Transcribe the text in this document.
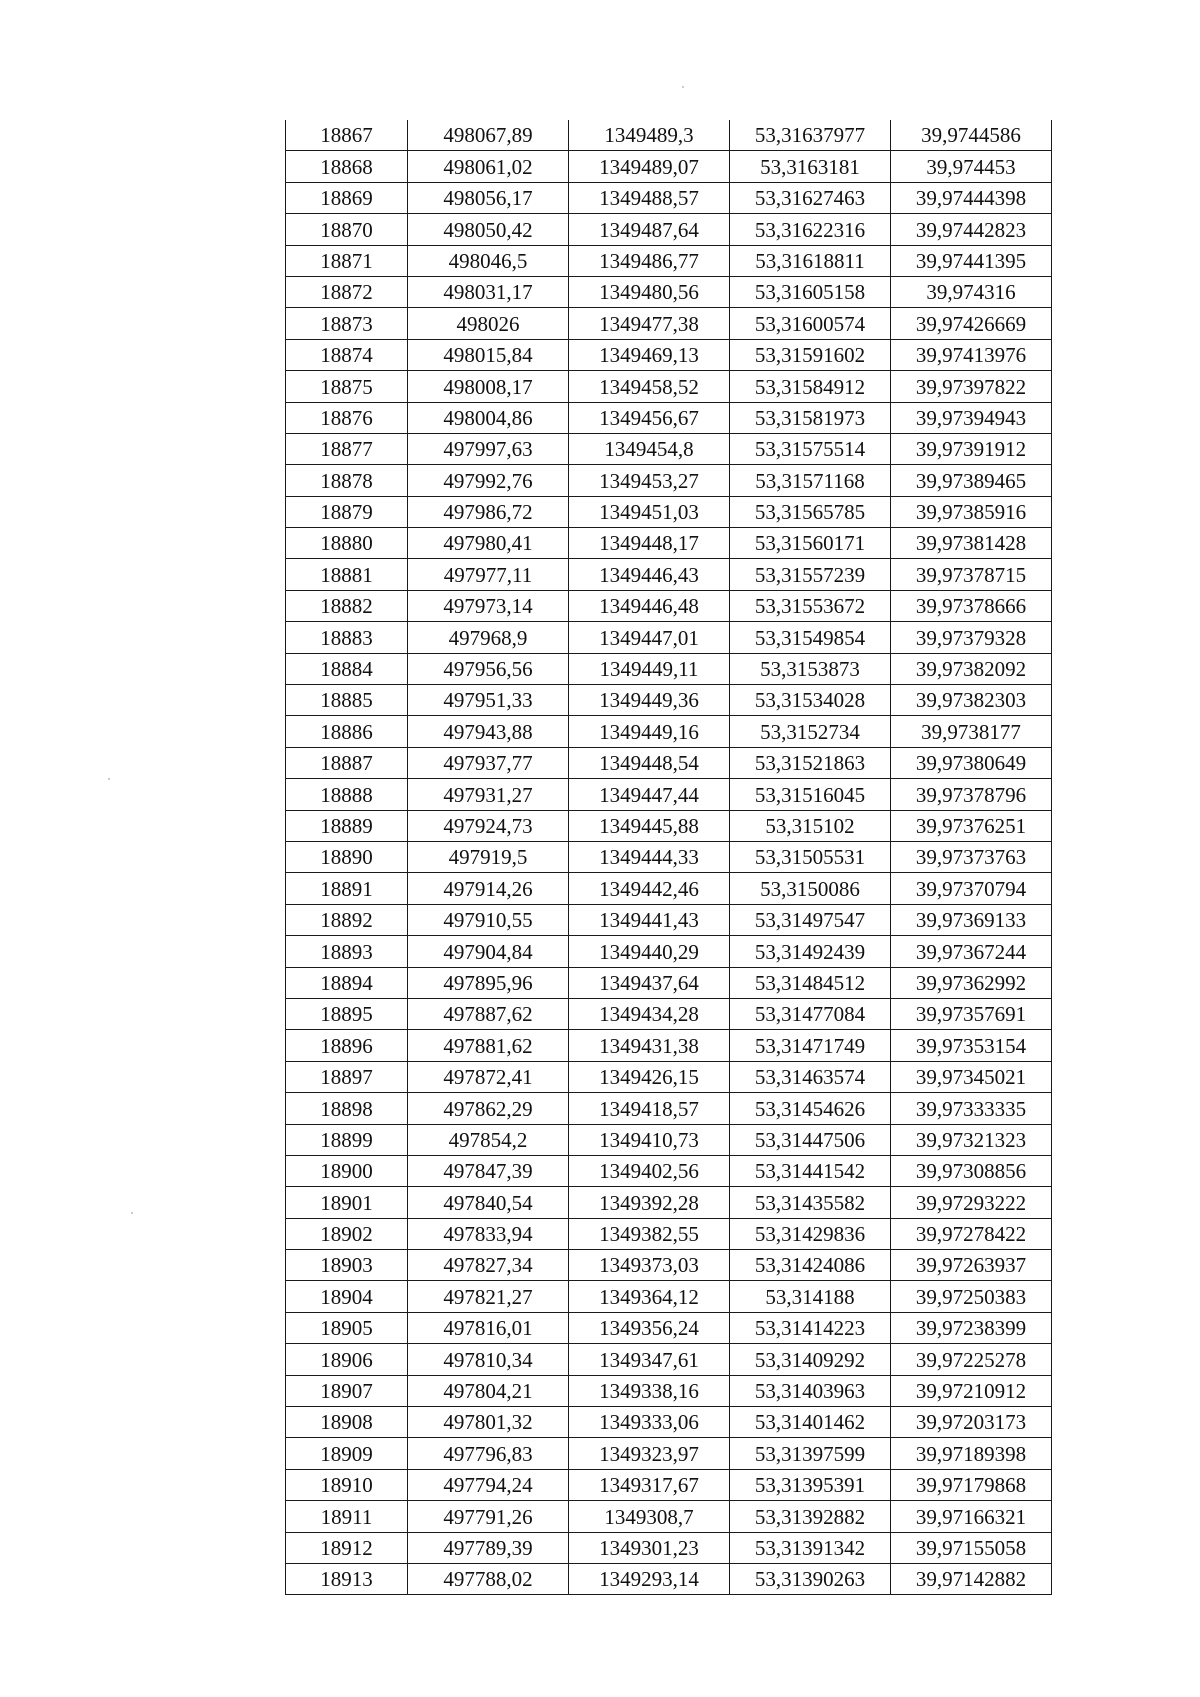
18867	498067,89	1349489,3	53,31637977	39,9744586
18868	498061,02	1349489,07	53,3163181	39,974453
18869	498056,17	1349488,57	53,31627463	39,97444398
18870	498050,42	1349487,64	53,31622316	39,97442823
18871	498046,5	1349486,77	53,31618811	39,97441395
18872	498031,17	1349480,56	53,31605158	39,974316
18873	498026	1349477,38	53,31600574	39,97426669
18874	498015,84	1349469,13	53,31591602	39,97413976
18875	498008,17	1349458,52	53,31584912	39,97397822
18876	498004,86	1349456,67	53,31581973	39,97394943
18877	497997,63	1349454,8	53,31575514	39,97391912
18878	497992,76	1349453,27	53,31571168	39,97389465
18879	497986,72	1349451,03	53,31565785	39,97385916
18880	497980,41	1349448,17	53,31560171	39,97381428
18881	497977,11	1349446,43	53,31557239	39,97378715
18882	497973,14	1349446,48	53,31553672	39,97378666
18883	497968,9	1349447,01	53,31549854	39,97379328
18884	497956,56	1349449,11	53,3153873	39,97382092
18885	497951,33	1349449,36	53,31534028	39,97382303
18886	497943,88	1349449,16	53,3152734	39,9738177
18887	497937,77	1349448,54	53,31521863	39,97380649
18888	497931,27	1349447,44	53,31516045	39,97378796
18889	497924,73	1349445,88	53,315102	39,97376251
18890	497919,5	1349444,33	53,31505531	39,97373763
18891	497914,26	1349442,46	53,3150086	39,97370794
18892	497910,55	1349441,43	53,31497547	39,97369133
18893	497904,84	1349440,29	53,31492439	39,97367244
18894	497895,96	1349437,64	53,31484512	39,97362992
18895	497887,62	1349434,28	53,31477084	39,97357691
18896	497881,62	1349431,38	53,31471749	39,97353154
18897	497872,41	1349426,15	53,31463574	39,97345021
18898	497862,29	1349418,57	53,31454626	39,97333335
18899	497854,2	1349410,73	53,31447506	39,97321323
18900	497847,39	1349402,56	53,31441542	39,97308856
18901	497840,54	1349392,28	53,31435582	39,97293222
18902	497833,94	1349382,55	53,31429836	39,97278422
18903	497827,34	1349373,03	53,31424086	39,97263937
18904	497821,27	1349364,12	53,314188	39,97250383
18905	497816,01	1349356,24	53,31414223	39,97238399
18906	497810,34	1349347,61	53,31409292	39,97225278
18907	497804,21	1349338,16	53,31403963	39,97210912
18908	497801,32	1349333,06	53,31401462	39,97203173
18909	497796,83	1349323,97	53,31397599	39,97189398
18910	497794,24	1349317,67	53,31395391	39,97179868
18911	497791,26	1349308,7	53,31392882	39,97166321
18912	497789,39	1349301,23	53,31391342	39,97155058
18913	497788,02	1349293,14	53,31390263	39,97142882
